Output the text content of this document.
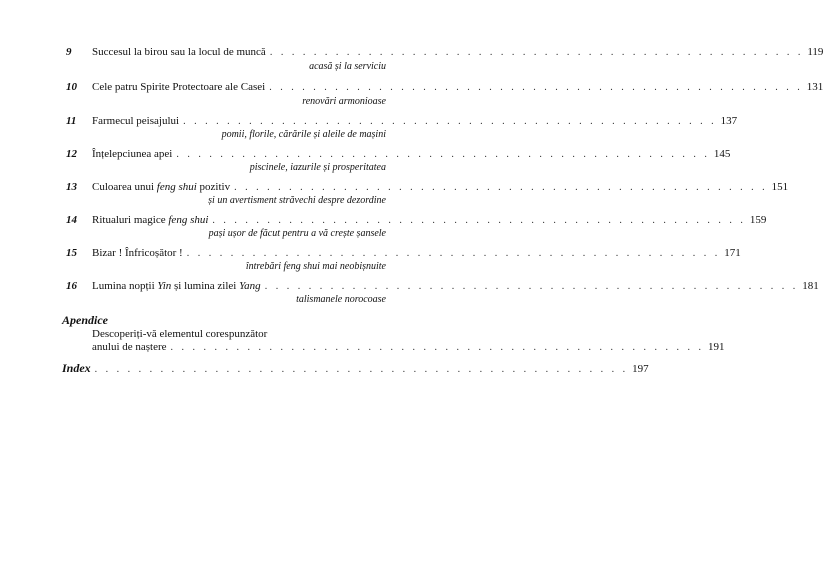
9	Succesul la birou sau la locul de muncă . . . . . . . . . . . . . . . . . . . . . . . . . . . . . . . . . . . . . . . . . . . . . . . . . 119
acasă și la serviciu
10	Cele patru Spirite Protectoare ale Casei . . . . . . . . . . . . . . . . . . . . . . . . . . . . . . . . . . . . . . . . . . . . . . . . . 131
renovări armonioase
11	Farmecul peisajului . . . . . . . . . . . . . . . . . . . . . . . . . . . . . . . . . . . . . . . . . . . . . . . . . 137
pomii, florile, cărările și aleile de mașini
12	Înțelepciunea apei . . . . . . . . . . . . . . . . . . . . . . . . . . . . . . . . . . . . . . . . . . . . . . . . . 145
piscinele, iazurile și prosperitatea
13	Culoarea unui feng shui pozitiv . . . . . . . . . . . . . . . . . . . . . . . . . . . . . . . . . . . . . . . . . . . . . . . . . 151
și un avertisment străvechi despre dezordine
14	Ritualuri magice feng shui . . . . . . . . . . . . . . . . . . . . . . . . . . . . . . . . . . . . . . . . . . . . . . . . . 159
pași ușor de făcut pentru a vă crește șansele
15	Bizar ! Înfricoșător ! . . . . . . . . . . . . . . . . . . . . . . . . . . . . . . . . . . . . . . . . . . . . . . . . . 171
întrebări feng shui mai neobișnuite
16	Lumina nopții Yin și lumina zilei Yang . . . . . . . . . . . . . . . . . . . . . . . . . . . . . . . . . . . . . . . . . . . . . . . . . 181
talismanele norocoase
Apendice
Descoperiți-vă elementul corespunzător
anului de naștere . . . . . . . . . . . . . . . . . . . . . . . . . . . . . . . . . . . . . . . . . . . . . . . . . 191
Index . . . . . . . . . . . . . . . . . . . . . . . . . . . . . . . . . . . . . . . . . . . . . . . . . 197
